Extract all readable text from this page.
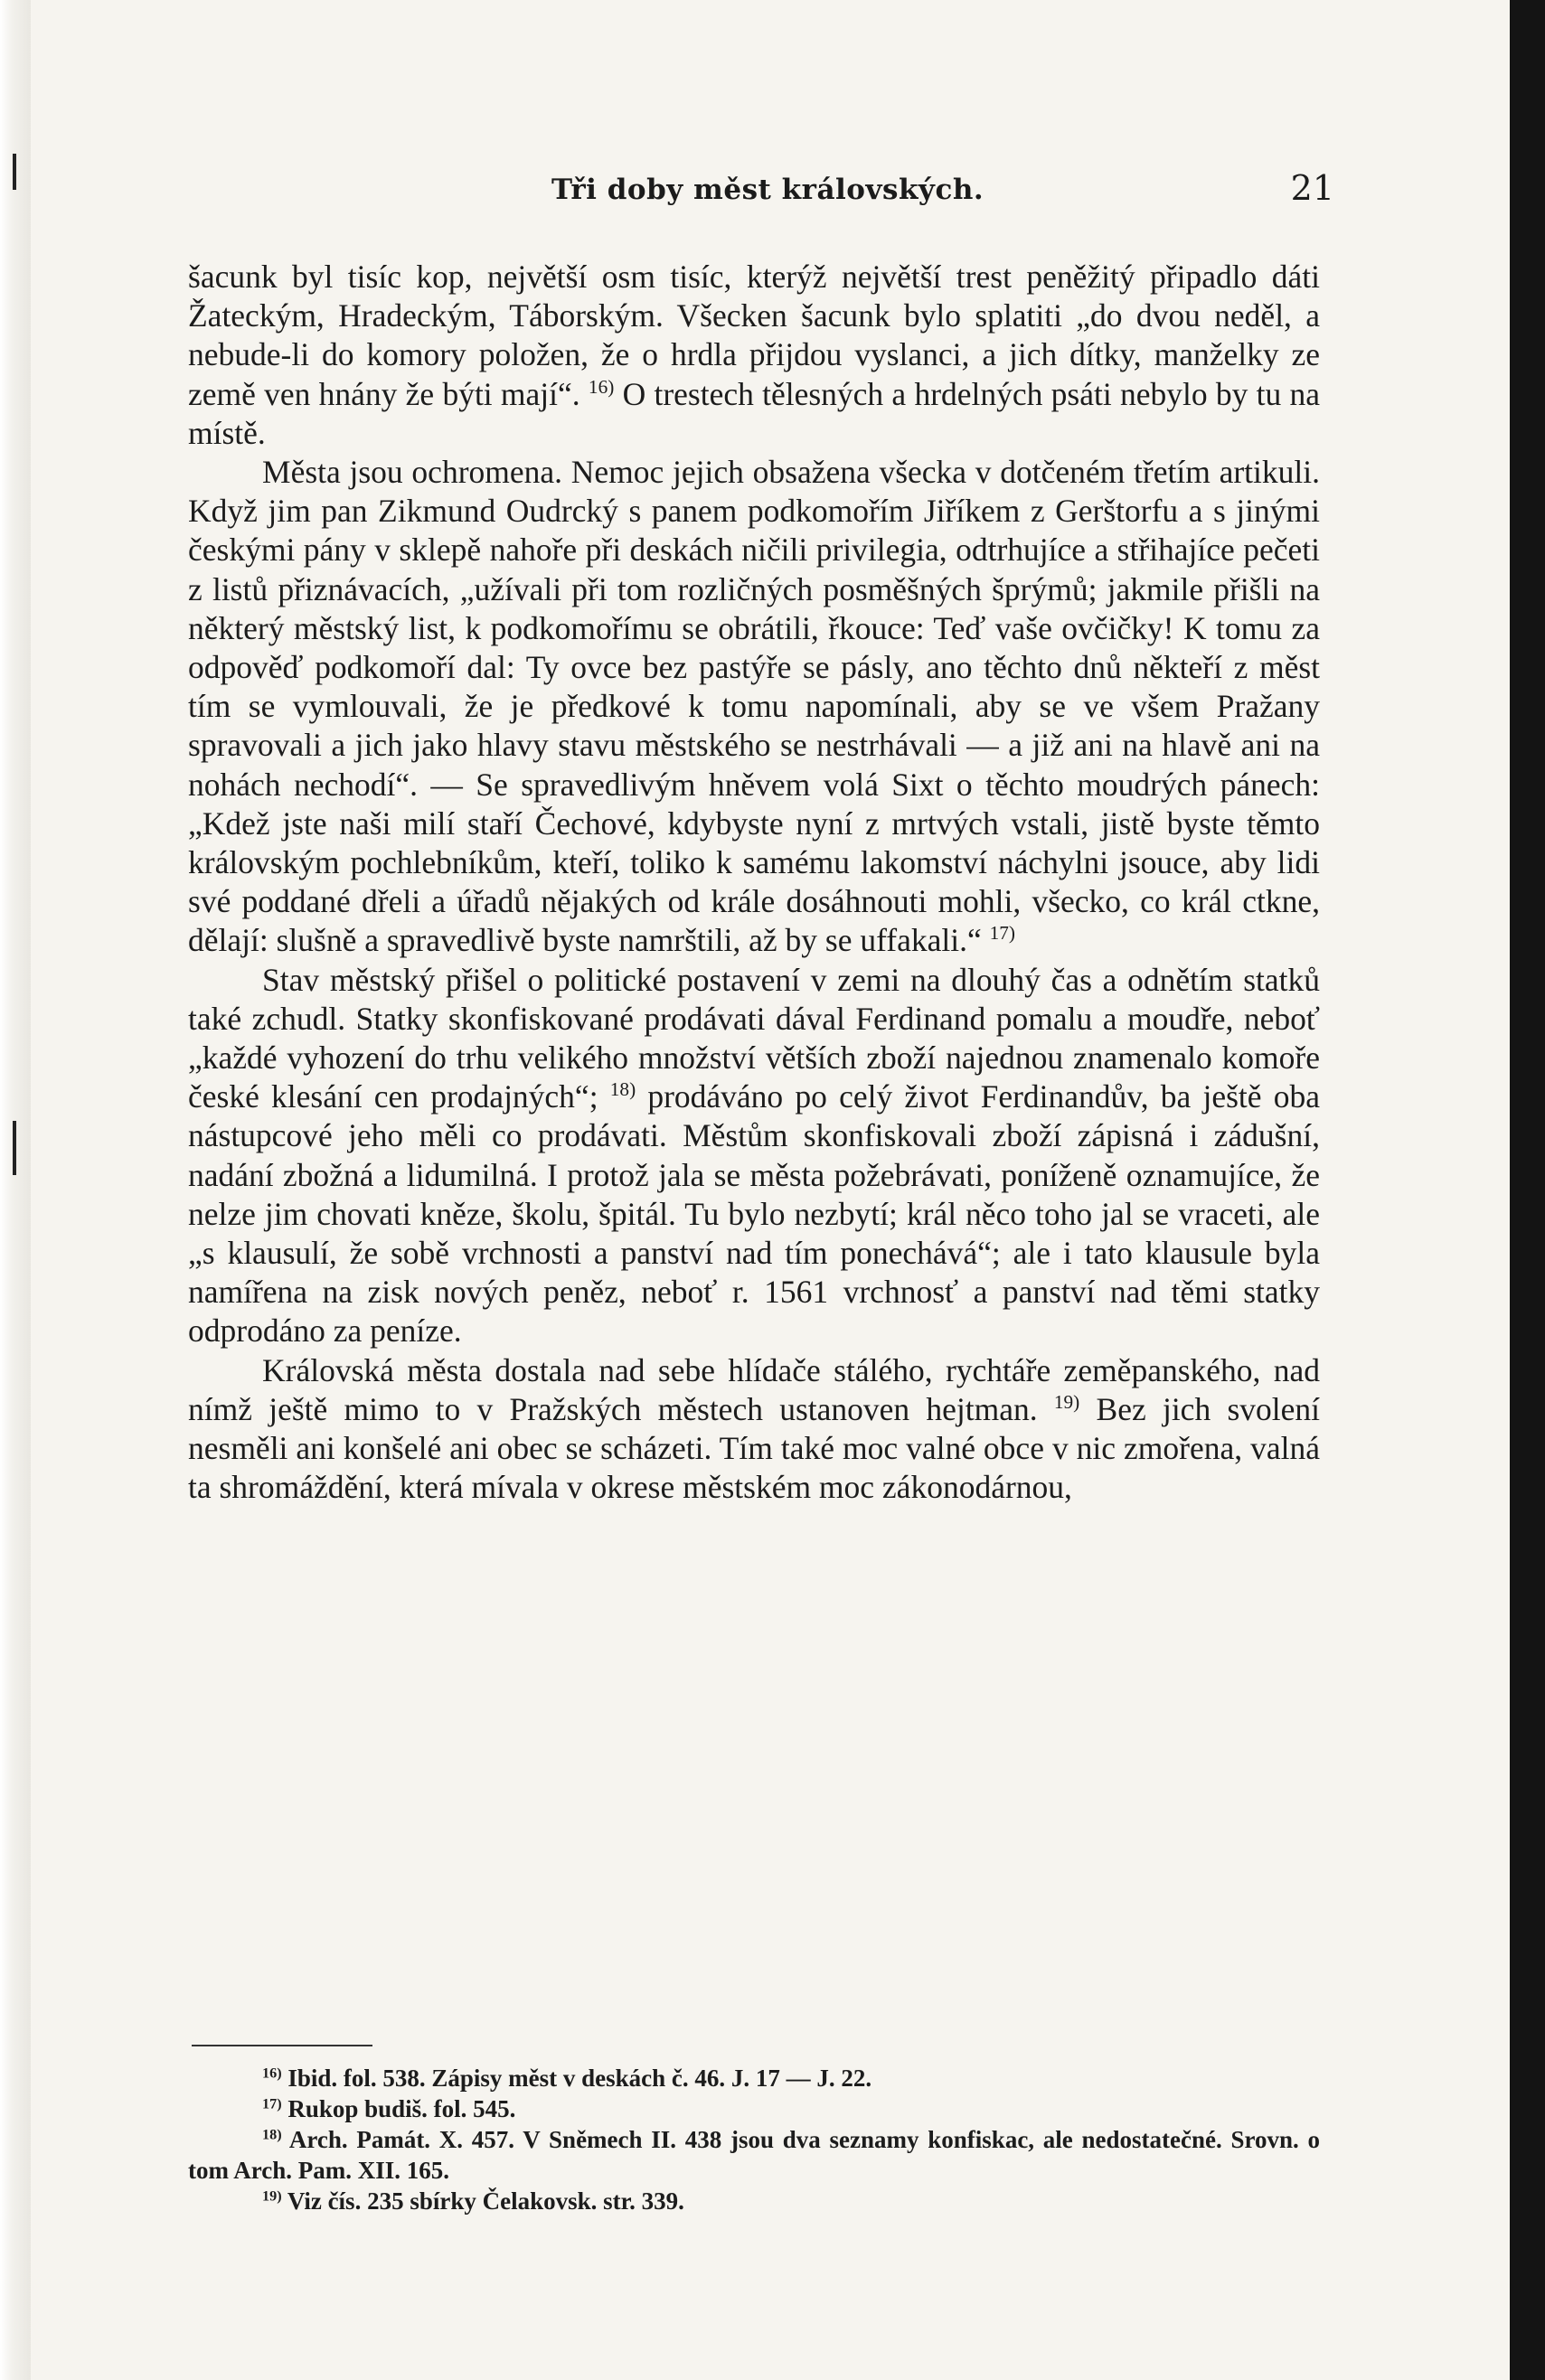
Tři doby měst královských.	21

šacunk byl tisíc kop, největší osm tisíc, kterýž největší trest peněžitý připadlo dáti Žateckým, Hradeckým, Táborským. Všecken šacunk bylo splatiti „do dvou neděl, a nebude-li do komory položen, že o hrdla přijdou vyslanci, a jich dítky, manželky ze země ven hnány že býti mají“. $^{16)}$ O trestech tělesných a hrdelných psáti nebylo by tu na místě.

Města jsou ochromena. Nemoc jejich obsažena všecka v dotčeném třetím artikuli. Když jim pan Zikmund Oudrcký s panem podkomořím Jiříkem z Gerštorfu a s jinými českými pány v sklepě nahoře při deskách ničili privilegia, odtrhujíce a střihajíce pečeti z listů přiznávacích, „užívali při tom rozličných posměšných šprýmů; jakmile přišli na některý městský list, k podkomořímu se obrátili, řkouce: Teď vaše ovčičky! K tomu za odpověď podkomoří dal: Ty ovce bez pastýře se pásly, ano těchto dnů někteří z měst tím se vymlouvali, že je předkové k tomu napomínali, aby se ve všem Pražany spravovali a jich jako hlavy stavu městského se nestrhávali — a již ani na hlavě ani na nohách nechodí“. — Se spravedlivým hněvem volá Sixt o těchto moudrých pánech: „Kdež jste naši milí staří Čechové, kdybyste nyní z mrtvých vstali, jistě byste těmto královským pochlebníkům, kteří, toliko k samému lakomství náchylni jsouce, aby lidi své poddané dřeli a úřadů nějakých od krále dosáhnouti mohli, všecko, co král ctkne, dělají: slušně a spravedlivě byste namrštili, až by se uffakali.“ $^{17)}$

Stav městský přišel o politické postavení v zemi na dlouhý čas a odnětím statků také zchudl. Statky skonfiskované prodávati dával Ferdinand pomalu a moudře, neboť „každé vyhození do trhu velikého množství větších zboží najednou znamenalo komoře české klesání cen prodajných“; $^{18)}$ prodáváno po celý život Ferdinandův, ba ještě oba nástupcové jeho měli co prodávati. Městům skonfiskovali zboží zápisná i zádušní, nadání zbožná a lidumilná. I protož jala se města požebrávati, poníženě oznamujíce, že nelze jim chovati kněze, školu, špitál. Tu bylo nezbytí; král něco toho jal se vraceti, ale „s klausulí, že sobě vrchnosti a panství nad tím ponechává“; ale i tato klausule byla namířena na zisk nových peněz, neboť r. 1561 vrchnosť a panství nad těmi statky odprodáno za peníze.

Královská města dostala nad sebe hlídače stálého, rychtáře zeměpanského, nad nímž ještě mimo to v Pražských městech ustanoven hejtman. $^{19)}$ Bez jich svolení nesměli ani konšelé ani obec se scházeti. Tím také moc valné obce v nic zmořena, valná ta shromáždění, která mívala v okrese městském moc zákonodárnou,

$^{16)}$ Ibid. fol. 538. Zápisy měst v deskách č. 46. J. 17 — J. 22.

$^{17)}$ Rukop budiš. fol. 545.

$^{18)}$ Arch. Památ. X. 457. V Sněmech II. 438 jsou dva seznamy konfiskac, ale nedostatečné. Srovn. o tom Arch. Pam. XII. 165.

$^{19)}$ Viz čís. 235 sbírky Čelakovsk. str. 339.
